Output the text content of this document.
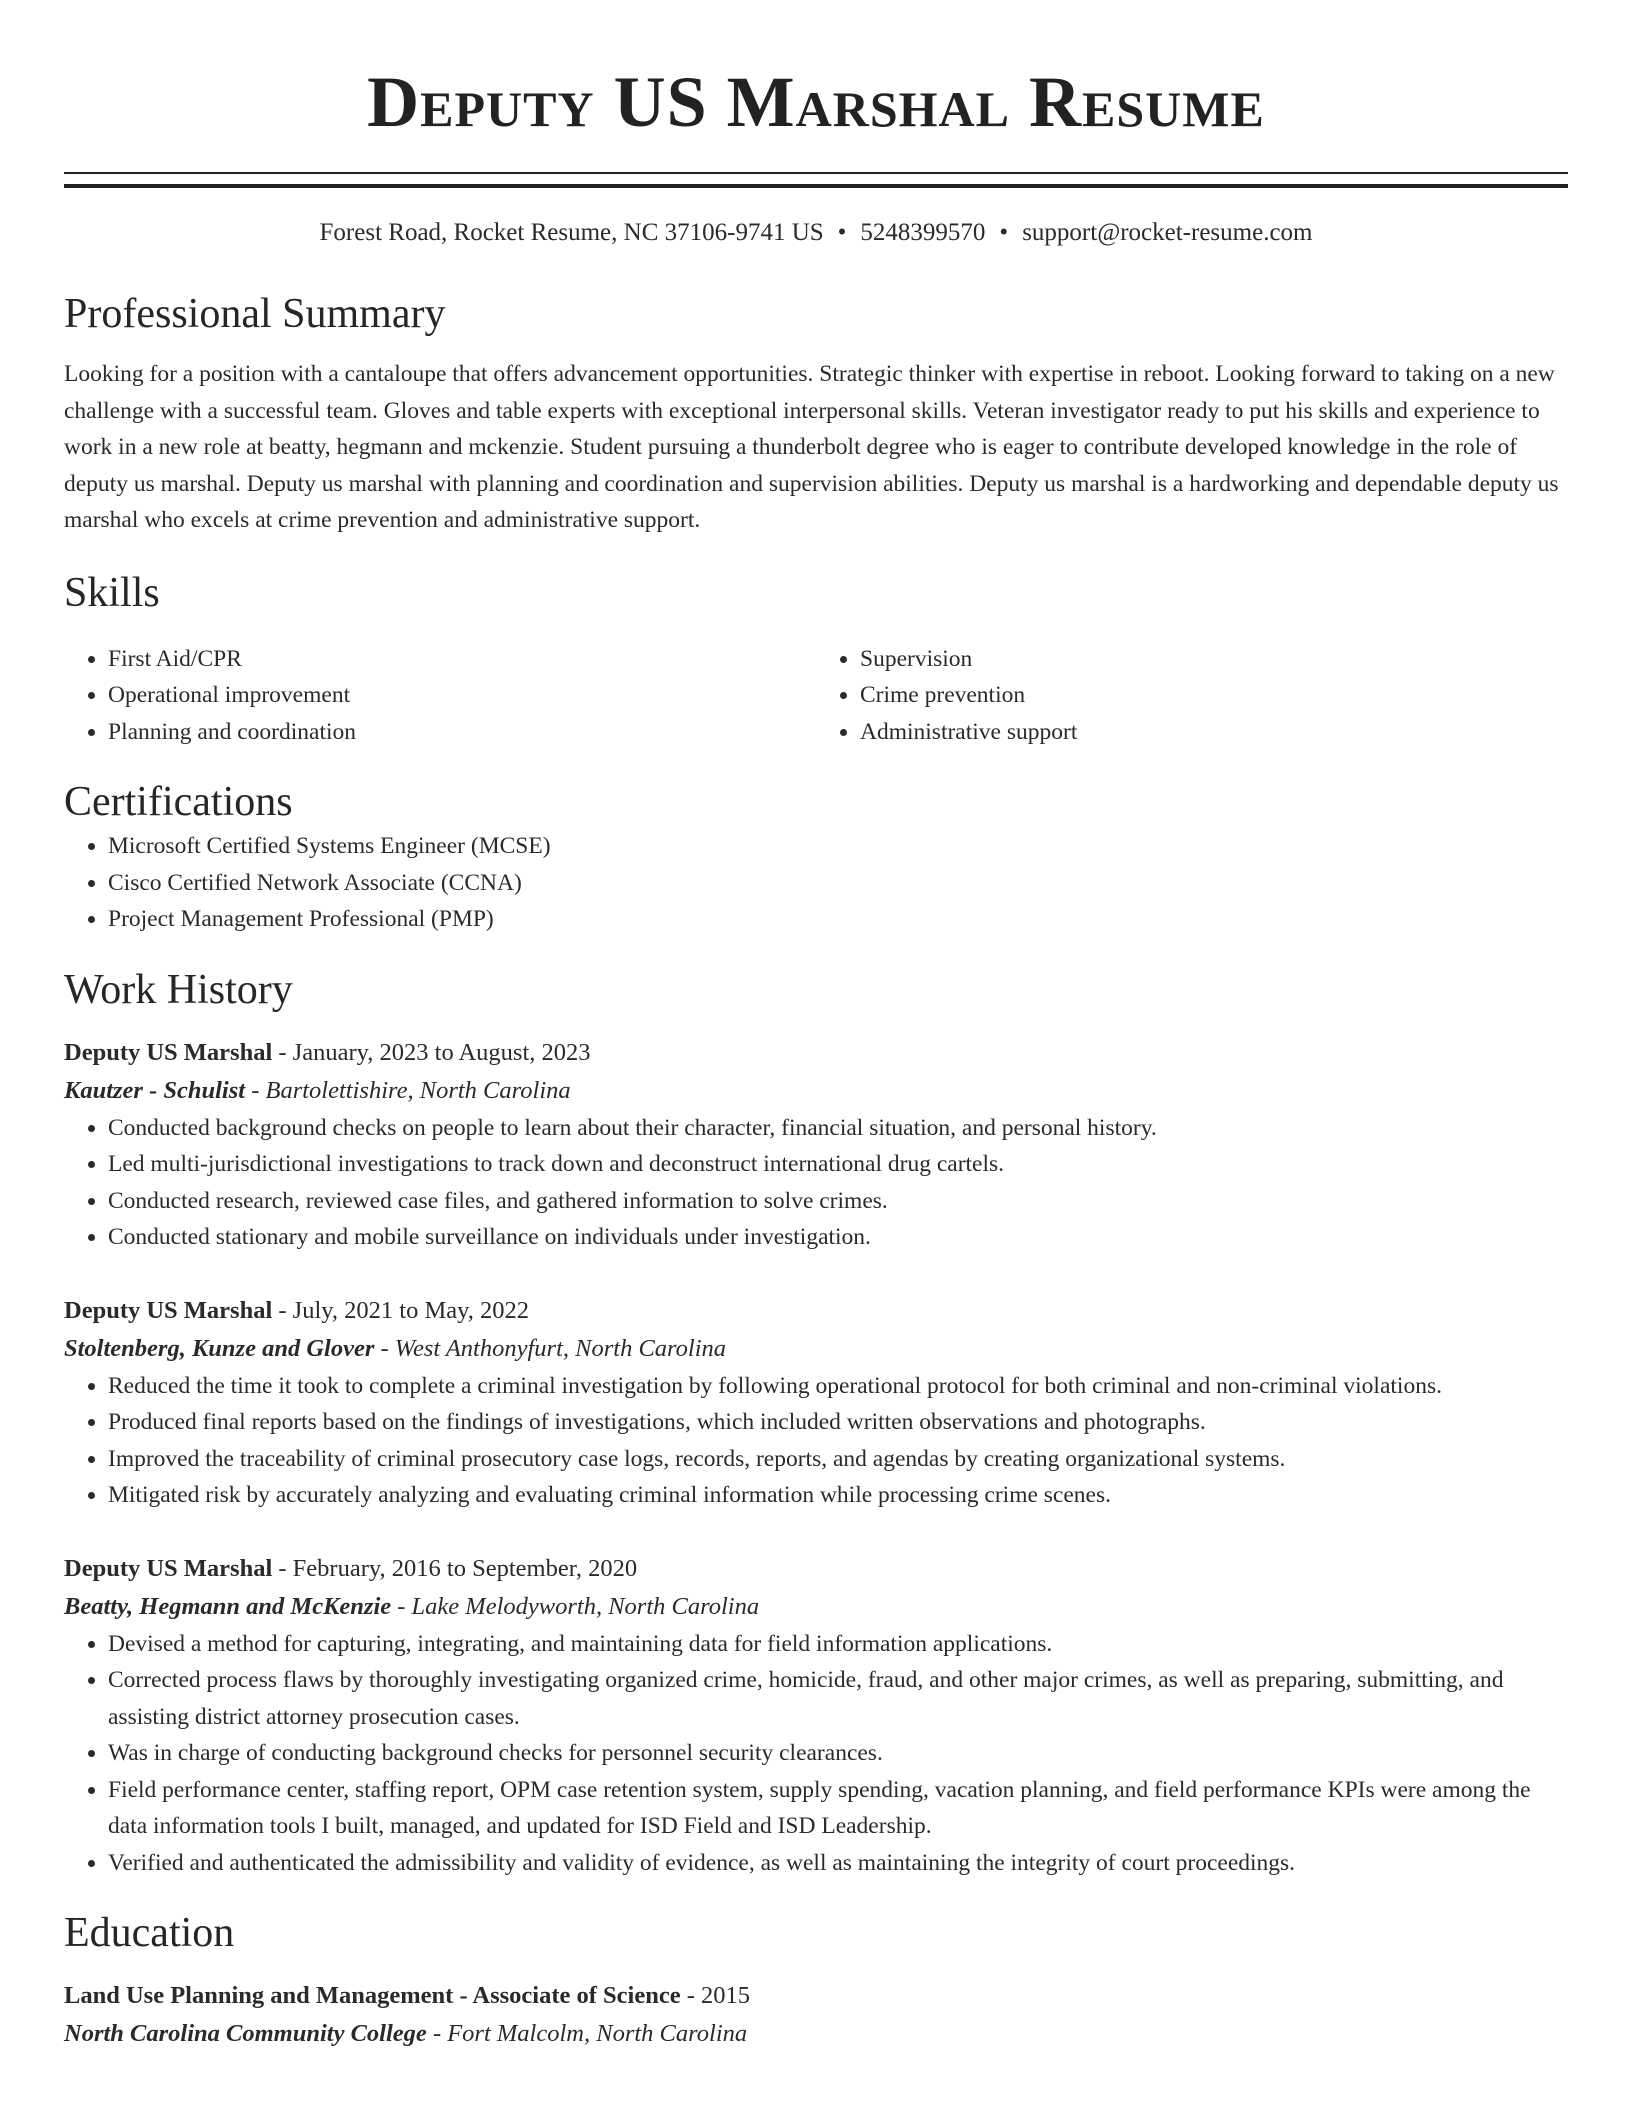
Deputy US Marshal Resume
Forest Road, Rocket Resume, NC 37106-9741 US • 5248399570 • support@rocket-resume.com
Professional Summary

Looking for a position with a cantaloupe that offers advancement opportunities. Strategic thinker with expertise in reboot. Looking forward to taking on a new challenge with a successful team. Gloves and table experts with exceptional interpersonal skills. Veteran investigator ready to put his skills and experience to work in a new role at beatty, hegmann and mckenzie. Student pursuing a thunderbolt degree who is eager to contribute developed knowledge in the role of deputy us marshal. Deputy us marshal with planning and coordination and supervision abilities. Deputy us marshal is a hardworking and dependable deputy us marshal who excels at crime prevention and administrative support.

Skills
• First Aid/CPR
• Operational improvement
• Planning and coordination
• Supervision
• Crime prevention
• Administrative support
Certifications
• Microsoft Certified Systems Engineer (MCSE)
• Cisco Certified Network Associate (CCNA)
• Project Management Professional (PMP)
Work History
Deputy US Marshal - January, 2023 to August, 2023
Kautzer - Schulist - Bartolettishire, North Carolina
• Conducted background checks on people to learn about their character, financial situation, and personal history.
• Led multi-jurisdictional investigations to track down and deconstruct international drug cartels.
• Conducted research, reviewed case files, and gathered information to solve crimes.
• Conducted stationary and mobile surveillance on individuals under investigation.
Deputy US Marshal - July, 2021 to May, 2022
Stoltenberg, Kunze and Glover - West Anthonyfurt, North Carolina
• Reduced the time it took to complete a criminal investigation by following operational protocol for both criminal and non-criminal violations.
• Produced final reports based on the findings of investigations, which included written observations and photographs.
• Improved the traceability of criminal prosecutory case logs, records, reports, and agendas by creating organizational systems.
• Mitigated risk by accurately analyzing and evaluating criminal information while processing crime scenes.
Deputy US Marshal - February, 2016 to September, 2020
Beatty, Hegmann and McKenzie - Lake Melodyworth, North Carolina
• Devised a method for capturing, integrating, and maintaining data for field information applications.
• Corrected process flaws by thoroughly investigating organized crime, homicide, fraud, and other major crimes, as well as preparing, submitting, and assisting district attorney prosecution cases.
• Was in charge of conducting background checks for personnel security clearances.
• Field performance center, staffing report, OPM case retention system, supply spending, vacation planning, and field performance KPIs were among the data information tools I built, managed, and updated for ISD Field and ISD Leadership.
• Verified and authenticated the admissibility and validity of evidence, as well as maintaining the integrity of court proceedings.
Education
Land Use Planning and Management - Associate of Science - 2015
North Carolina Community College - Fort Malcolm, North Carolina
